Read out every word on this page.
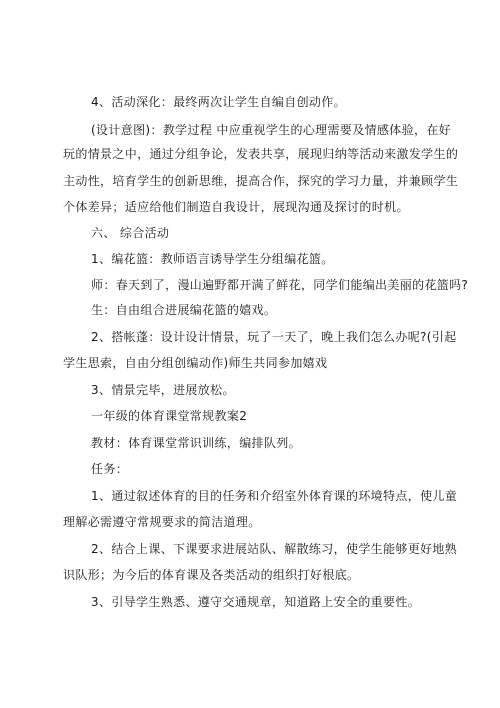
4、活动深化：最终两次让学生自编自创动作。
(设计意图)：教学过程 中应重视学生的心理需要及情感体验，在好
玩的情景之中，通过分组争论，发表共享，展现归纳等活动来激发学生的
主动性，培育学生的创新思维，提高合作，探究的学习力量，并兼顾学生
个体差异；适应给他们制造自我设计，展现沟通及探讨的时机。
六、 综合活动
1、编花篮：教师语言诱导学生分组编花篮。
师：春天到了，漫山遍野都开满了鲜花，同学们能编出美丽的花篮吗?
生：自由组合进展编花篮的嬉戏。
2、搭帐蓬：设计设计情景，玩了一天了，晚上我们怎么办呢?(引起
学生思索，自由分组创编动作)师生共同参加嬉戏
3、情景完毕，进展放松。
一年级的体育课堂常规教案2
教材：体育课堂常识训练，编排队列。
任务：
1、通过叙述体育的目的任务和介绍室外体育课的环境特点，使儿童
理解必需遵守常规要求的简洁道理。
2、结合上课、下课要求进展站队、解散练习，使学生能够更好地熟
识队形；为今后的体育课及各类活动的组织打好根底。
3、引导学生熟悉、遵守交通规章，知道路上安全的重要性。
